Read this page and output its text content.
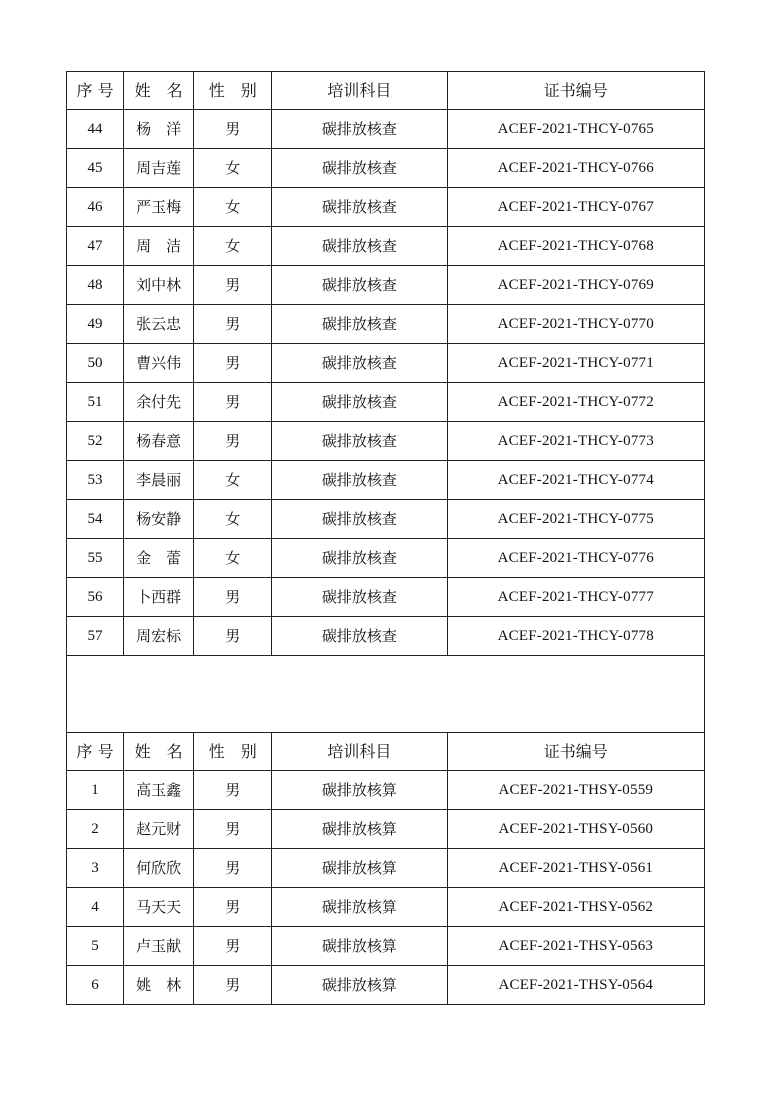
序 号	姓　名	性　别	培训科目	证书编号
44	杨　洋	男	碳排放核查	ACEF-2021-THCY-0765
45	周吉莲	女	碳排放核查	ACEF-2021-THCY-0766
46	严玉梅	女	碳排放核查	ACEF-2021-THCY-0767
47	周　洁	女	碳排放核查	ACEF-2021-THCY-0768
48	刘中林	男	碳排放核查	ACEF-2021-THCY-0769
49	张云忠	男	碳排放核查	ACEF-2021-THCY-0770
50	曹兴伟	男	碳排放核查	ACEF-2021-THCY-0771
51	余付先	男	碳排放核查	ACEF-2021-THCY-0772
52	杨春意	男	碳排放核查	ACEF-2021-THCY-0773
53	李晨丽	女	碳排放核查	ACEF-2021-THCY-0774
54	杨安静	女	碳排放核查	ACEF-2021-THCY-0775
55	金　蕾	女	碳排放核查	ACEF-2021-THCY-0776
56	卜西群	男	碳排放核查	ACEF-2021-THCY-0777
57	周宏标	男	碳排放核查	ACEF-2021-THCY-0778

序 号	姓　名	性　别	培训科目	证书编号
1	高玉鑫	男	碳排放核算	ACEF-2021-THSY-0559
2	赵元财	男	碳排放核算	ACEF-2021-THSY-0560
3	何欣欣	男	碳排放核算	ACEF-2021-THSY-0561
4	马天天	男	碳排放核算	ACEF-2021-THSY-0562
5	卢玉献	男	碳排放核算	ACEF-2021-THSY-0563
6	姚　林	男	碳排放核算	ACEF-2021-THSY-0564
